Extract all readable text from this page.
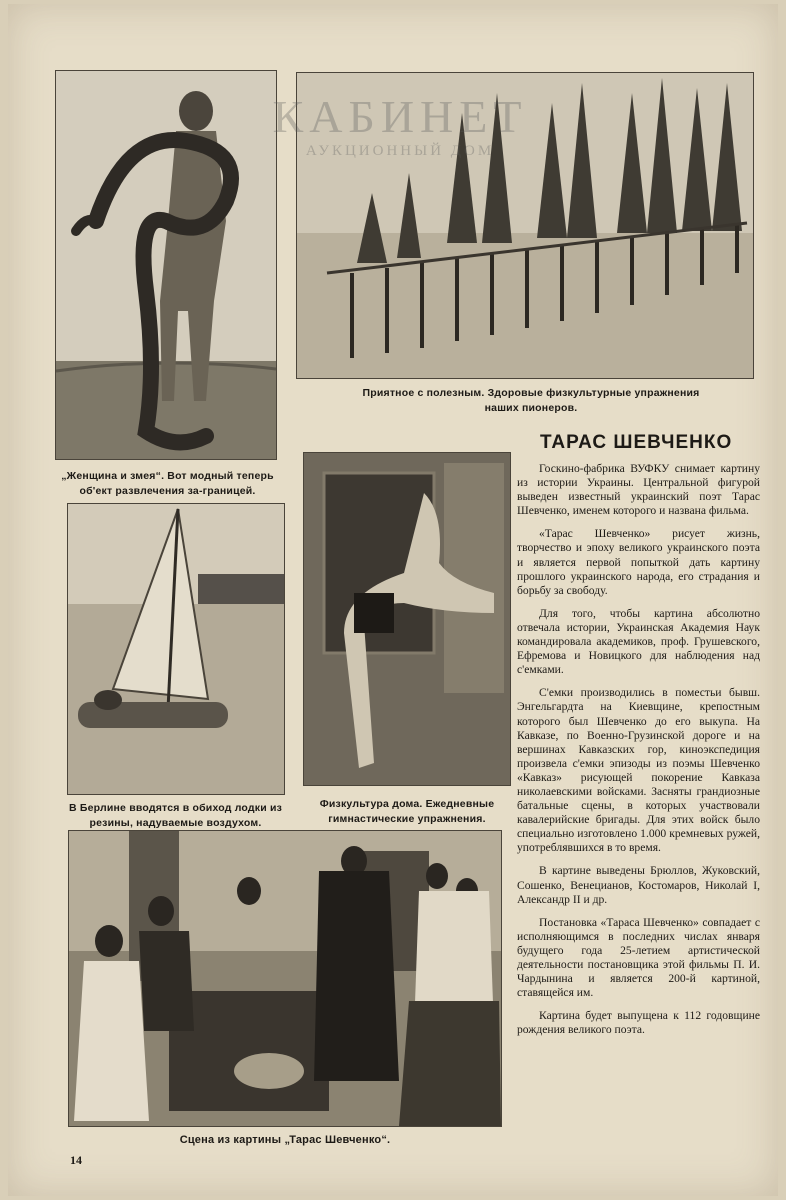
Приятное с полезным. Здоровые физкультурные упражнения наших пионеров.
КАБИНЕТ
АУКЦИОННЫЙ ДОМ
„Женщина и змея“. Вот модный теперь об'ект развлечения за-границей.
В Берлине вводятся в обиход лодки из резины, надуваемые воздухом.
Физкультура дома. Ежедневные гимнастические упражнения.
Сцена из картины „Тарас Шевченко“.
ТАРАС ШЕВЧЕНКО

Госкино-фабрика ВУФКУ снимает картину из истории Украины. Центральной фигурой выведен известный украинский поэт Тарас Шевченко, именем которого и названа фильма.

«Тарас Шевченко» рисует жизнь, творчество и эпоху великого украинского поэта и является первой попыткой дать картину прошлого украинского народа, его страдания и борьбу за свободу.

Для того, чтобы картина абсолютно отвечала истории, Украинская Академия Наук командировала академиков, проф. Грушевского, Ефремова и Новицкого для наблюдения над с'емками.

С'емки производились в поместьи бывш. Энгельгардта на Киевщине, крепостным которого был Шевченко до его выкупа. На Кавказе, по Военно-Грузинской дороге и на вершинах Кавказских гор, киноэкспедиция произвела с'емки эпизоды из поэмы Шевченко «Кавказ» рисующей покорение Кавказа николаевскими войсками. Засняты грандиозные батальные сцены, в которых участвовали кавалерийские бригады. Для этих войск было специально изготовлено 1.000 кремневых ружей, употреблявшихся в то время.

В картине выведены Брюллов, Жуковский, Сошенко, Венецианов, Костомаров, Николай I, Александр II и др.

Постановка «Тараса Шевченко» совпадает с исполняющимся в последних числах января будущего года 25-летием артистической деятельности постановщика этой фильмы П. И. Чардынина и является 200-й картиной, ставящейся им.

Картина будет выпущена к 112 годовщине рождения великого поэта.

14
